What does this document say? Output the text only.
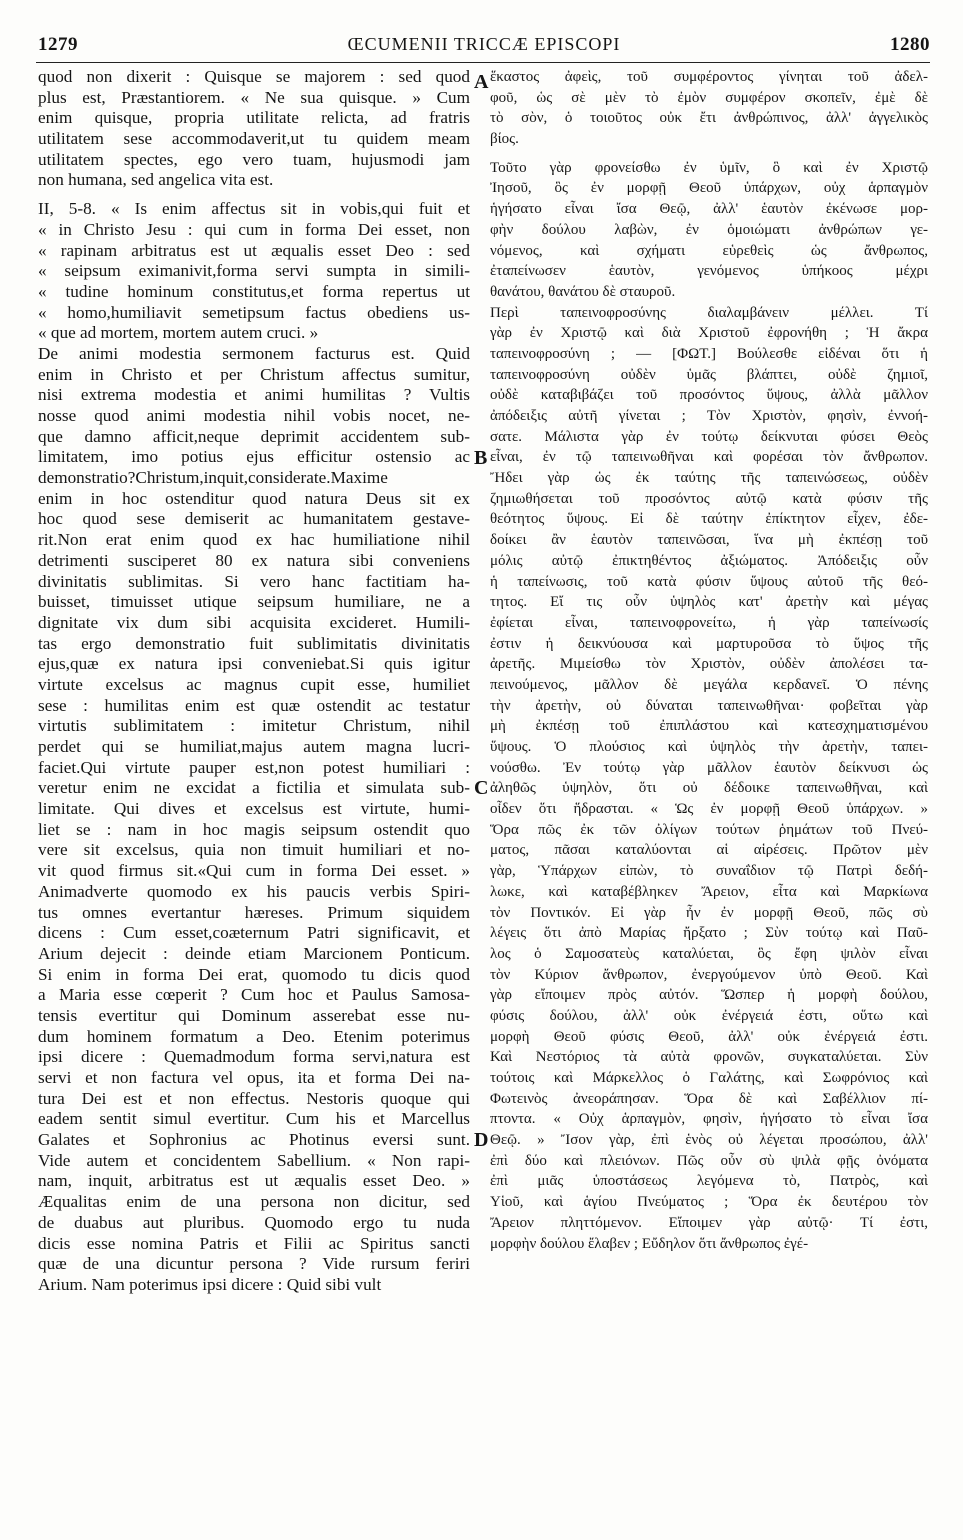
1279	ŒCUMENII TRICCÆ EPISCOPI	1280
quod non dixerit : Quisque se majorem : sed quod
plus est, Præstantiorem. « Ne sua quisque. » Cum
enim quisque, propria utilitate relicta, ad fratris
utilitatem sese accommodaverit,ut tu quidem meam
utilitatem spectes, ego vero tuam, hujusmodi jam
non humana, sed angelica vita est.
II, 5-8. « Is enim affectus sit in vobis,qui fuit et
« in Christo Jesu : qui cum in forma Dei esset, non
« rapinam arbitratus est ut æqualis esset Deo : sed
« seipsum eximanivit,forma servi sumpta in simili-
« tudine hominum constitutus,et forma repertus ut
« homo,humiliavit semetipsum factus obediens us-
« que ad mortem, mortem autem cruci. »
De animi modestia sermonem facturus est. Quid
enim in Christo et per Christum affectus sumitur,
nisi extrema modestia et animi humilitas ? Vultis
nosse quod animi modestia nihil vobis nocet, ne-
que damno afficit,neque deprimit accidentem sub-
limitatem, imo potius ejus efficitur ostensio ac
demonstratio?Christum,inquit,considerate.Maxime
enim in hoc ostenditur quod natura Deus sit ex
hoc quod sese demiserit ac humanitatem gestave-
rit.Non erat enim quod ex hac humiliatione nihil
detrimenti susciperet 80 ex natura sibi conveniens
divinitatis sublimitas. Si vero hanc factitiam ha-
buisset, timuisset utique seipsum humiliare, ne a
dignitate vix dum sibi acquisita excideret. Humili-
tas ergo demonstratio fuit sublimitatis divinitatis
ejus,quæ ex natura ipsi conveniebat.Si quis igitur
virtute excelsus ac magnus cupit esse, humiliet
sese : humilitas enim est quæ ostendit ac testatur
virtutis sublimitatem : imitetur Christum, nihil
perdet qui se humiliat,majus autem magna lucri-
faciet.Qui virtute pauper est,non potest humiliari :
veretur enim ne excidat a fictilia et simulata sub-
limitate. Qui dives et excelsus est virtute, humi-
liet se : nam in hoc magis seipsum ostendit quo
vere sit excelsus, quia non timuit humiliari et no-
vit quod firmus sit.«Qui cum in forma Dei esset. »
Animadverte quomodo ex his paucis verbis Spiri-
tus omnes evertantur hæreses. Primum siquidem
dicens : Cum esset,coæternum Patri significavit, et
Arium dejecit : deinde etiam Marcionem Ponticum.
Si enim in forma Dei erat, quomodo tu dicis quod
a Maria esse cœperit ? Cum hoc et Paulus Samosa-
tensis evertitur qui Dominum asserebat esse nu-
dum hominem formatum a Deo. Etenim poterimus
ipsi dicere : Quemadmodum forma servi,natura est
servi et non factura vel opus, ita et forma Dei na-
tura Dei est et non effectus. Nestoris quoque qui
eadem sentit simul evertitur. Cum his et Marcellus
Galates et Sophronius ac Photinus eversi sunt.
Vide autem et concidentem Sabellium. « Non rapi-
nam, inquit, arbitratus est ut æqualis esset Deo. »
Æqualitas enim de una persona non dicitur, sed
de duabus aut pluribus. Quomodo ergo tu nuda
dicis esse nomina Patris et Filii ac Spiritus sancti
quæ de una dicuntur persona ? Vide rursum feriri
Arium. Nam poterimus ipsi dicere : Quid sibi vult
ἕκαστος ἀφεὶς, τοῦ συμφέροντος γίνηται τοῦ ἀδελ-
φοῦ, ὡς σὲ μὲν τὸ ἐμὸν συμφέρον σκοπεῖν, ἐμὲ δὲ
τὸ σὸν, ὁ τοιοῦτος οὐκ ἔτι ἀνθρώπινος, ἀλλ' ἀγγελικὸς
βίος.
Τοῦτο γὰρ φρονείσθω ἐν ὑμῖν, ὃ καὶ ἐν Χριστῷ
Ἰησοῦ, ὃς ἐν μορφῇ Θεοῦ ὑπάρχων, οὐχ ἁρπαγμὸν
ἡγήσατο εἶναι ἴσα Θεῷ, ἀλλ' ἑαυτὸν ἐκένωσε μορ-
φὴν δούλου λαβὼν, ἐν ὁμοιώματι ἀνθρώπων γε-
νόμενος, καὶ σχήματι εὑρεθεὶς ὡς ἄνθρωπος,
ἐταπείνωσεν ἑαυτὸν, γενόμενος ὑπήκοος μέχρι
θανάτου, θανάτου δὲ σταυροῦ.
Περὶ ταπεινοφροσύνης διαλαμβάνειν μέλλει. Τί
γὰρ ἐν Χριστῷ καὶ διὰ Χριστοῦ ἐφρονήθη ; Ἡ ἄκρα
ταπεινοφροσύνη ; — [ΦΩΤ.] Βούλεσθε εἰδέναι ὅτι ἡ
ταπεινοφροσύνη οὐδὲν ὑμᾶς βλάπτει, οὐδὲ ζημιοῖ,
οὐδὲ καταβιβάζει τοῦ προσόντος ὕψους, ἀλλὰ μᾶλλον
ἀπόδειξις αὐτῆ γίνεται ; Τὸν Χριστὸν, φησὶν, ἐννοή-
σατε. Μάλιστα γὰρ ἐν τούτῳ δείκνυται φύσει Θεὸς
εἶναι, ἐν τῷ ταπεινωθῆναι καὶ φορέσαι τὸν ἄνθρωπον.
Ἤδει γὰρ ὡς ἐκ ταύτης τῆς ταπεινώσεως, οὐδὲν
ζημιωθήσεται τοῦ προσόντος αὐτῷ κατὰ φύσιν τῆς
θεότητος ὕψους. Εἰ δὲ ταύτην ἐπίκτητον εἶχεν, ἐδε-
δοίκει ἂν ἑαυτὸν ταπεινῶσαι, ἵνα μὴ ἐκπέσῃ τοῦ
μόλις αὐτῷ ἐπικτηθέντος ἀξιώματος. Ἀπόδειξις οὖν
ἡ ταπείνωσις, τοῦ κατὰ φύσιν ὕψους αὐτοῦ τῆς θεό-
τητος. Εἴ τις οὖν ὑψηλὸς κατ' ἀρετὴν καὶ μέγας
ἐφίεται εἶναι, ταπεινοφρονείτω, ἡ γὰρ ταπείνωσίς
ἐστιν ἡ δεικνύουσα καὶ μαρτυροῦσα τὸ ὕψος τῆς
ἀρετῆς. Μιμείσθω τὸν Χριστὸν, οὐδὲν ἀπολέσει τα-
πεινούμενος, μᾶλλον δὲ μεγάλα κερδανεῖ. Ὁ πένης
τὴν ἀρετὴν, οὐ δύναται ταπεινωθῆναι· φοβεῖται γὰρ
μὴ ἐκπέσῃ τοῦ ἐπιπλάστου καὶ κατεσχηματισμένου
ὕψους. Ὁ πλούσιος καὶ ὑψηλὸς τὴν ἀρετὴν, ταπει-
νούσθω. Ἐν τούτῳ γὰρ μᾶλλον ἑαυτὸν δείκνυσι ὡς
ἀληθῶς ὑψηλὸν, ὅτι οὐ δέδοικε ταπεινωθῆναι, καὶ
οἶδεν ὅτι ἥδρασται. « Ὡς ἐν μορφῇ Θεοῦ ὑπάρχων. »
Ὅρα πῶς ἐκ τῶν ὀλίγων τούτων ῥημάτων τοῦ Πνεύ-
ματος, πᾶσαι καταλύονται αἱ αἱρέσεις. Πρῶτον μὲν
γὰρ, Ὑπάρχων εἰπὼν, τὸ συναΐδιον τῷ Πατρὶ δεδή-
λωκε, καὶ καταβέβληκεν Ἄρειον, εἶτα καὶ Μαρκίωνα
τὸν Ποντικόν. Εἰ γὰρ ἦν ἐν μορφῇ Θεοῦ, πῶς σὺ
λέγεις ὅτι ἀπὸ Μαρίας ἤρξατο ; Σὺν τούτῳ καὶ Παῦ-
λος ὁ Σαμοσατεὺς καταλύεται, ὃς ἔφη ψιλὸν εἶναι
τὸν Κύριον ἄνθρωπον, ἐνεργούμενον ὑπὸ Θεοῦ. Καὶ
γὰρ εἴποιμεν πρὸς αὐτόν. Ὥσπερ ἡ μορφὴ δούλου,
φύσις δούλου, ἀλλ' οὐκ ἐνέργειά ἐστι, οὕτω καὶ
μορφὴ Θεοῦ φύσις Θεοῦ, ἀλλ' οὐκ ἐνέργειά ἐστι.
Καὶ Νεστόριος τὰ αὐτὰ φρονῶν, συγκαταλύεται. Σὺν
τούτοις καὶ Μάρκελλος ὁ Γαλάτης, καὶ Σωφρόνιος καὶ
Φωτεινὸς ἀνεοράπησαν. Ὅρα δὲ καὶ Σαβέλλιον πί-
πτοντα. « Οὐχ ἁρπαγμὸν, φησὶν, ἡγήσατο τὸ εἶναι ἴσα
Θεῷ. » Ἴσον γὰρ, ἐπὶ ἑνὸς οὐ λέγεται προσώπου, ἀλλ'
ἐπὶ δύο καὶ πλειόνων. Πῶς οὖν σὺ ψιλὰ φῇς ὀνόματα
ἐπὶ μιᾶς ὑποστάσεως λεγόμενα τὸ, Πατρὸς, καὶ
Υἱοῦ, καὶ ἁγίου Πνεύματος ; Ὅρα ἐκ δευτέρου τὸν
Ἄρειον πληττόμενον. Εἴποιμεν γὰρ αὐτῷ· Τί ἐστι,
μορφὴν δούλου ἔλαβεν ; Εὔδηλον ὅτι ἄνθρωπος ἐγέ-
A
B
C
D
